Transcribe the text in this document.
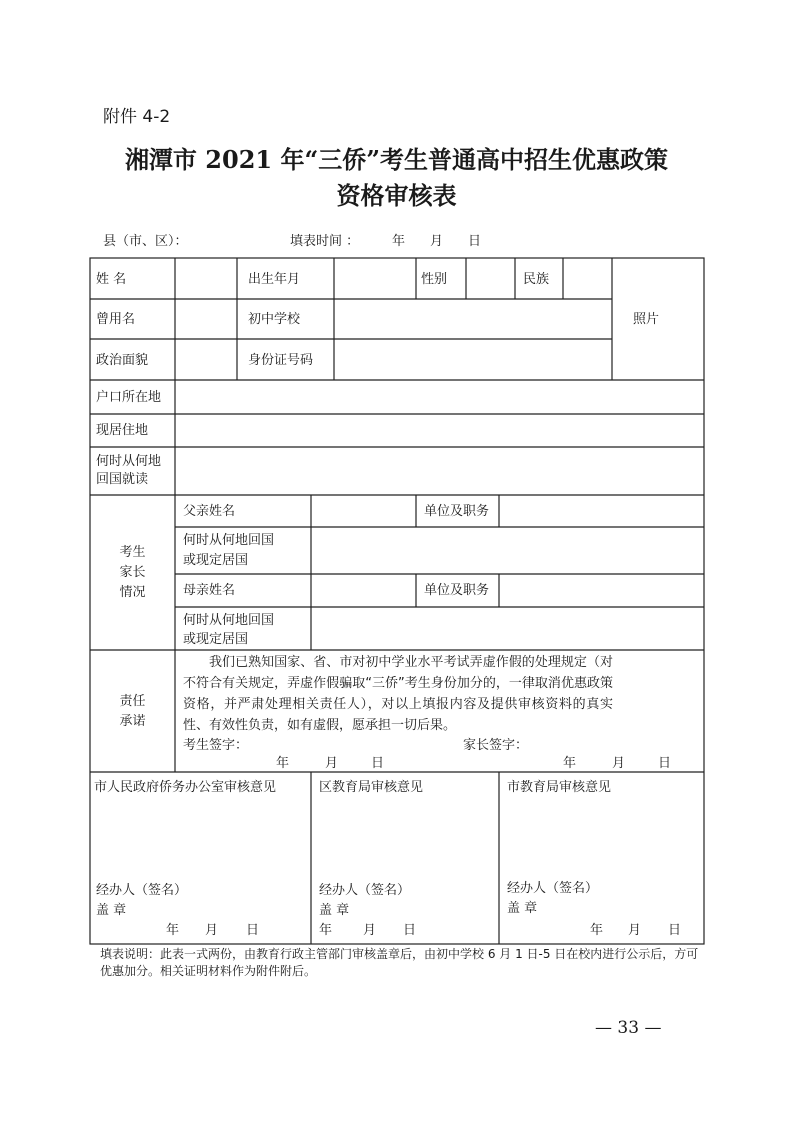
附件 4-2
湘潭市 2021 年“三侨”考生普通高中招生优惠政策
资格审核表
县（市、区）：	填表时间 ：	年 月 日
姓 名	出生年月	性别	民族
照片
曾用名	初中学校
政治面貌	身份证号码
户口所在地
现居住地
何时从何地
回国就读
考生
家长
情况
父亲姓名	单位及职务
何时从何地回国
或现定居国
母亲姓名	单位及职务
何时从何地回国
或现定居国
责任
承诺
我们已熟知国家、省、市对初中学业水平考试弄虚作假的处理规定（对不符合有关规定，弄虚作假骗取“三侨”考生身份加分的，一律取消优惠政策资格，并严肃处理相关责任人），对以上填报内容及提供审核资料的真实性、有效性负责，如有虚假，愿承担一切后果。
考生签字：	家长签字：
年	月	日	年	月	日
市人民政府侨务办公室审核意见	区教育局审核意见	市教育局审核意见
经办人（签名）	经办人（签名）	经办人（签名）
盖 章	盖 章	盖 章
年 月 日	年 月 日	年 月 日
填表说明：此表一式两份，由教育行政主管部门审核盖章后，由初中学校 6 月 1 日-5 日在校内进行公示后，方可优惠加分。相关证明材料作为附件附后。
— 33 —
